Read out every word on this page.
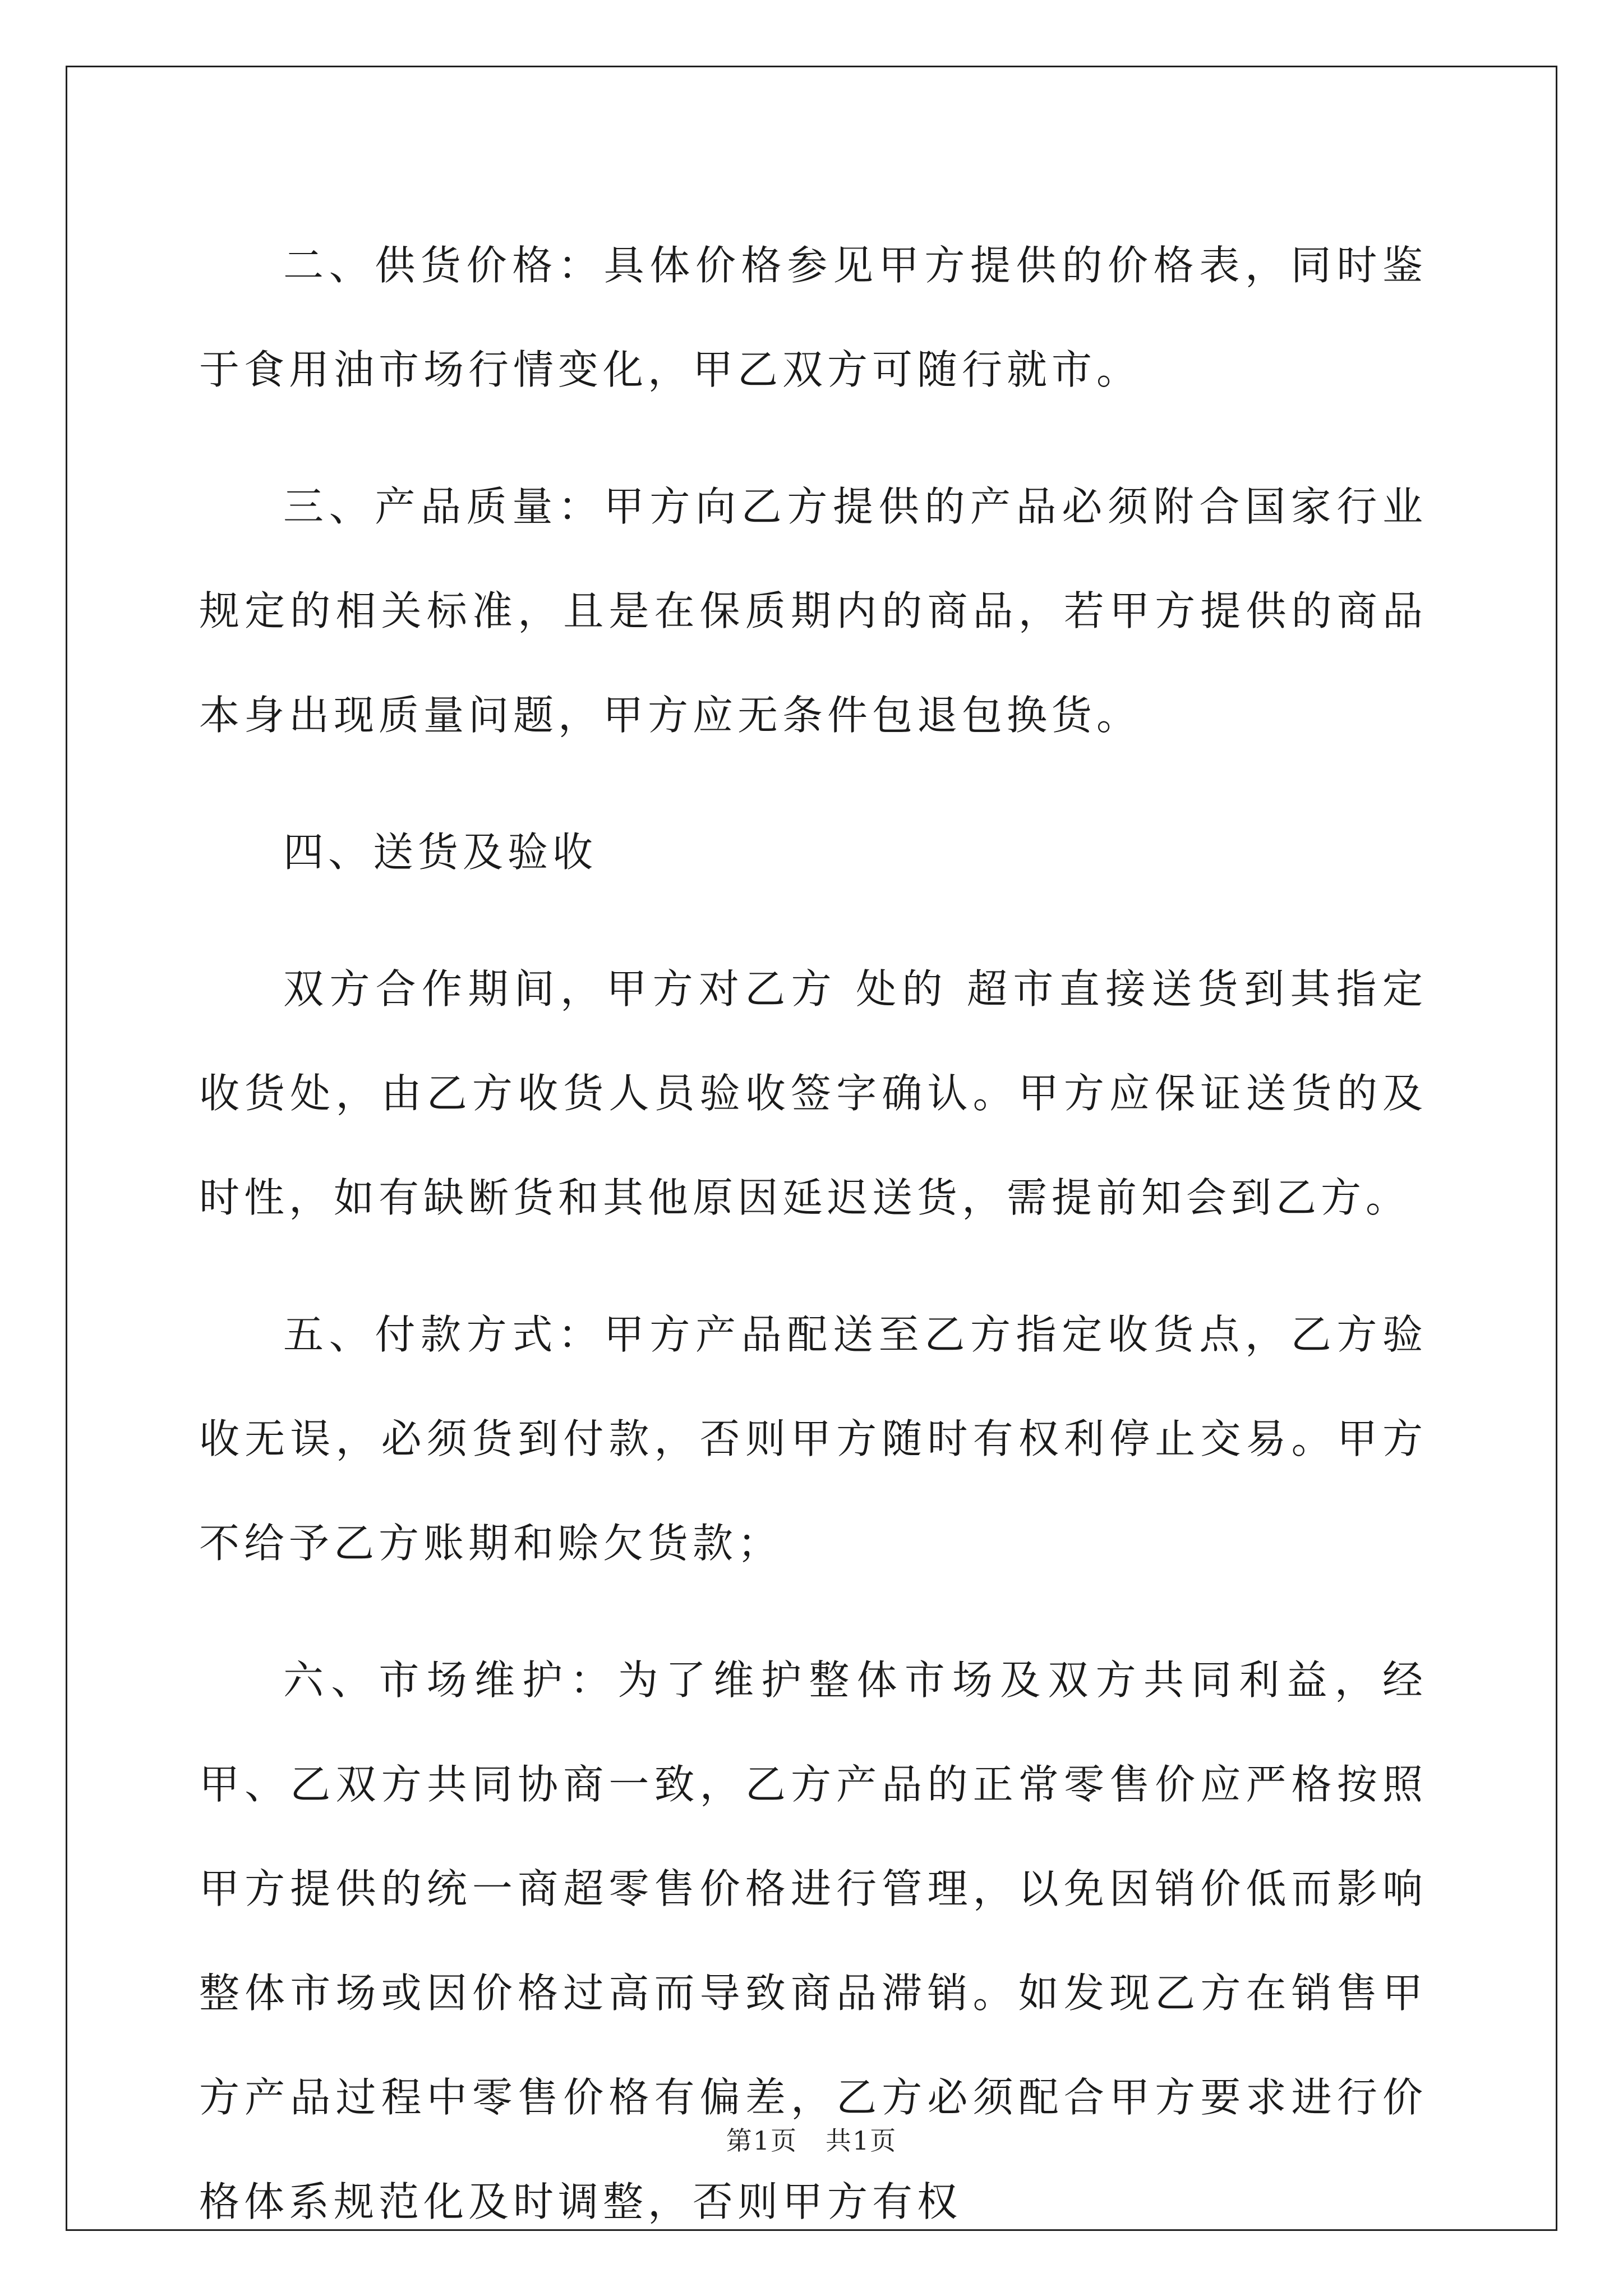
二、供货价格：具体价格参见甲方提供的价格表，同时鉴于食用油市场行情变化，甲乙双方可随行就市。

三、产品质量：甲方向乙方提供的产品必须附合国家行业规定的相关标准，且是在保质期内的商品，若甲方提供的商品本身出现质量问题，甲方应无条件包退包换货。

四、送货及验收

双方合作期间，甲方对乙方 处的 超市直接送货到其指定收货处，由乙方收货人员验收签字确认。甲方应保证送货的及时性，如有缺断货和其他原因延迟送货，需提前知会到乙方。

五、付款方式：甲方产品配送至乙方指定收货点，乙方验收无误，必须货到付款，否则甲方随时有权利停止交易。甲方不给予乙方账期和赊欠货款；

六、市场维护：为了维护整体市场及双方共同利益，经甲、乙双方共同协商一致，乙方产品的正常零售价应严格按照甲方提供的统一商超零售价格进行管理，以免因销价低而影响整体市场或因价格过高而导致商品滞销。如发现乙方在销售甲方产品过程中零售价格有偏差，乙方必须配合甲方要求进行价格体系规范化及时调整，否则甲方有权

第1页 共1页
